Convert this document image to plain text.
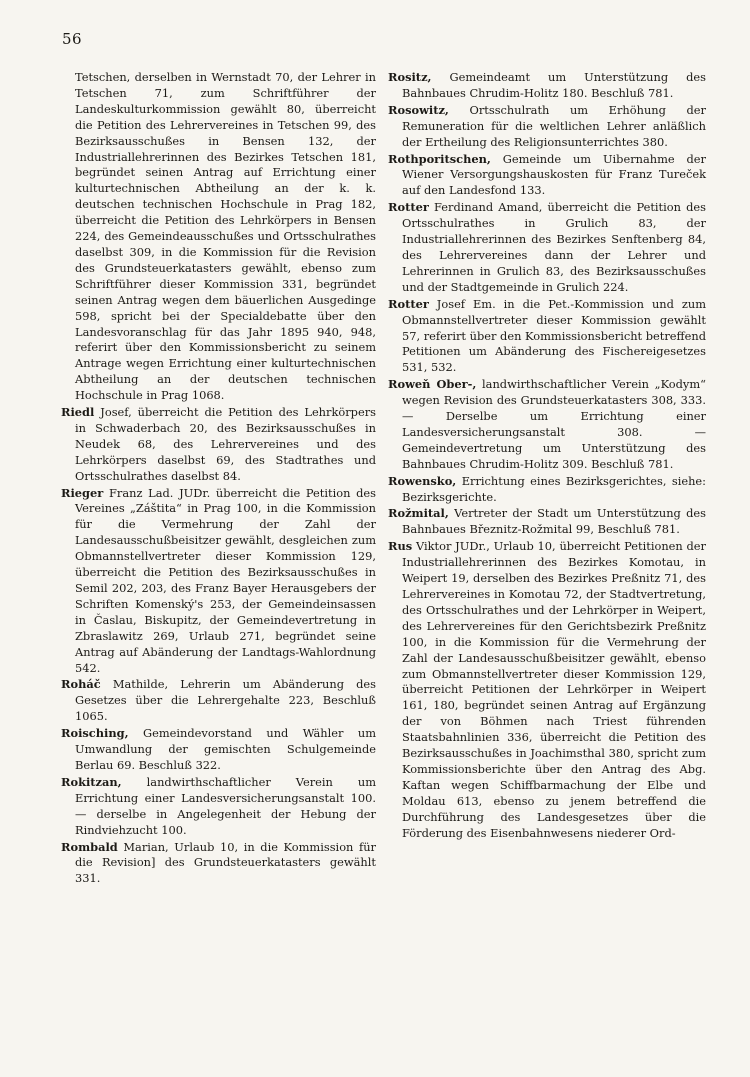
56

Tetschen, derselben in Wernstadt 70, der Lehrer in Tetschen 71, zum Schriftführer der Landeskulturkommission gewählt 80, überreicht die Petition des Lehrervereines in Tetschen 99, des Bezirksausschußes in Bensen 132, der Industriallehrerinnen des Bezirkes Tetschen 181, begründet seinen Antrag auf Errichtung einer kulturtechnischen Abtheilung an der k. k. deutschen technischen Hochschule in Prag 182, überreicht die Petition des Lehrkörpers in Bensen 224, des Gemeindeausschußes und Ortsschulrathes daselbst 309, in die Kommission für die Revision des Grundsteuerkatasters gewählt, ebenso zum Schriftführer dieser Kommission 331, begründet seinen Antrag wegen dem bäuerlichen Ausgedinge 598, spricht bei der Specialdebatte über den Landesvoranschlag für das Jahr 1895 940, 948, referirt über den Kommissionsbericht zu seinem Antrage wegen Errichtung einer kulturtechnischen Abtheilung an der deutschen technischen Hochschule in Prag 1068.

Riedl Josef, überreicht die Petition des Lehrkörpers in Schwaderbach 20, des Bezirksausschußes in Neudek 68, des Lehrervereines und des Lehrkörpers daselbst 69, des Stadtrathes und Ortsschulrathes daselbst 84.

Rieger Franz Lad. JUDr. überreicht die Petition des Vereines „Záštita“ in Prag 100, in die Kommission für die Vermehrung der Zahl der Landesausschußbeisitzer gewählt, desgleichen zum Obmannstellvertreter dieser Kommission 129, überreicht die Petition des Bezirksausschußes in Semil 202, 203, des Franz Bayer Herausgebers der Schriften Komenský's 253, der Gemeindeinsassen in Časlau, Biskupitz, der Gemeindevertretung in Zbraslawitz 269, Urlaub 271, begründet seine Antrag auf Abänderung der Landtags-Wahlordnung 542.

Roháč Mathilde, Lehrerin um Abänderung des Gesetzes über die Lehrergehalte 223, Beschluß 1065.

Roisching, Gemeindevorstand und Wähler um Umwandlung der gemischten Schulgemeinde Berlau 69. Beschluß 322.

Rokitzan, landwirthschaftlicher Verein um Errichtung einer Landesversicherungsanstalt 100. — derselbe in Angelegenheit der Hebung der Rindviehzucht 100.

Rombald Marian, Urlaub 10, in die Kommission für die Revision] des Grundsteuerkatasters gewählt 331.

Rositz, Gemeindeamt um Unterstützung des Bahnbaues Chrudim-Holitz 180. Beschluß 781.

Rosowitz, Ortsschulrath um Erhöhung der Remuneration für die weltlichen Lehrer anläßlich der Ertheilung des Religionsunterrichtes 380.

Rothporitschen, Gemeinde um Uibernahme der Wiener Versorgungshauskosten für Franz Tureček auf den Landesfond 133.

Rotter Ferdinand Amand, überreicht die Petition des Ortsschulrathes in Grulich 83, der Industriallehrerinnen des Bezirkes Senftenberg 84, des Lehrervereines dann der Lehrer und Lehrerinnen in Grulich 83, des Bezirksausschußes und der Stadtgemeinde in Grulich 224.

Rotter Josef Em. in die Pet.-Kommission und zum Obmannstellvertreter dieser Kommission gewählt 57, referirt über den Kommissionsbericht betreffend Petitionen um Abänderung des Fischereigesetzes 531, 532.

Roweň Ober-, landwirthschaftlicher Verein „Kodym“ wegen Revision des Grundsteuerkatasters 308, 333. — Derselbe um Errichtung einer Landesversicherungsanstalt 308. — Gemeindevertretung um Unterstützung des Bahnbaues Chrudim-Holitz 309. Beschluß 781.

Rowensko, Errichtung eines Bezirksgerichtes, siehe: Bezirksgerichte.

Rožmital, Vertreter der Stadt um Unterstützung des Bahnbaues Březnitz-Rožmital 99, Beschluß 781.

Rus Viktor JUDr., Urlaub 10, überreicht Petitionen der Industriallehrerinnen des Bezirkes Komotau, in Weipert 19, derselben des Bezirkes Preßnitz 71, des Lehrervereines in Komotau 72, der Stadtvertretung, des Ortsschulrathes und der Lehrkörper in Weipert, des Lehrervereines für den Gerichtsbezirk Preßnitz 100, in die Kommission für die Vermehrung der Zahl der Landesausschußbeisitzer gewählt, ebenso zum Obmannstellvertreter dieser Kommission 129, überreicht Petitionen der Lehrkörper in Weipert 161, 180, begründet seinen Antrag auf Ergänzung der von Böhmen nach Triest führenden Staatsbahnlinien 336, überreicht die Petition des Bezirksausschußes in Joachimsthal 380, spricht zum Kommissionsberichte über den Antrag des Abg. Kaftan wegen Schiffbarmachung der Elbe und Moldau 613, ebenso zu jenem betreffend die Durchführung des Landesgesetzes über die Förderung des Eisenbahnwesens niederer Ord-
